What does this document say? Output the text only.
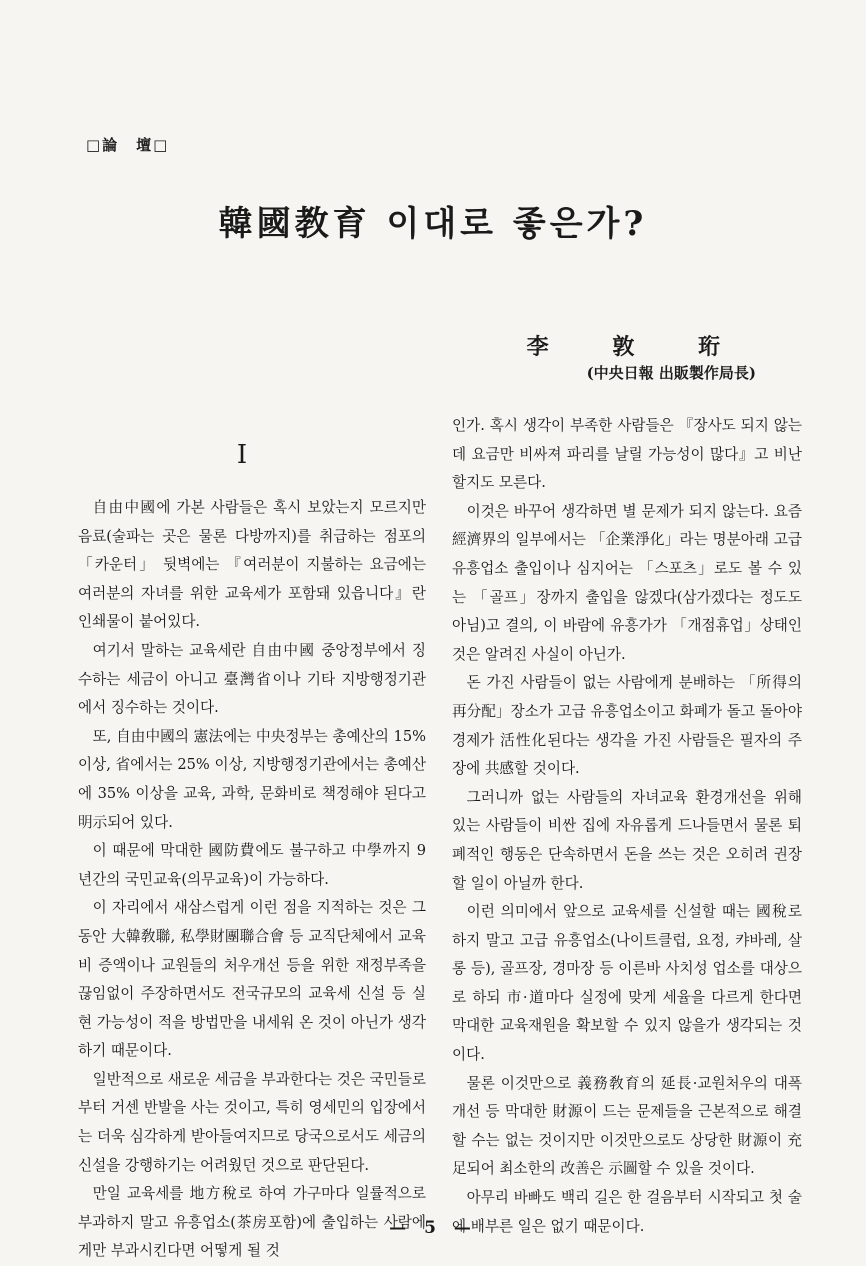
□論　壇□
韓國教育 이대로 좋은가?
李 敦 珩
(中央日報 出販製作局長)
I

自由中國에 가본 사람들은 혹시 보았는지 모르지만 음료(술파는 곳은 물론 다방까지)를 취급하는 점포의 「카운터」 뒷벽에는 『여러분이 지불하는 요금에는 여러분의 자녀를 위한 교육세가 포함돼 있읍니다』란 인쇄물이 붙어있다.

여기서 말하는 교육세란 自由中國 중앙정부에서 징수하는 세금이 아니고 臺灣省이나 기타 지방행정기관에서 징수하는 것이다.

또, 自由中國의 憲法에는 中央정부는 총예산의 15% 이상, 省에서는 25% 이상, 지방행정기관에서는 총예산에 35% 이상을 교육, 과학, 문화비로 책정해야 된다고 明示되어 있다.

이 때문에 막대한 國防費에도 불구하고 中學까지 9년간의 국민교육(의무교육)이 가능하다.

이 자리에서 새삼스럽게 이런 점을 지적하는 것은 그동안 大韓敎聯, 私學財團聯合會 등 교직단체에서 교육비 증액이나 교원들의 처우개선 등을 위한 재정부족을 끊임없이 주장하면서도 전국규모의 교육세 신설 등 실현 가능성이 적을 방법만을 내세워 온 것이 아닌가 생각하기 때문이다.

일반적으로 새로운 세금을 부과한다는 것은 국민들로부터 거센 반발을 사는 것이고, 특히 영세민의 입장에서는 더욱 심각하게 받아들여지므로 당국으로서도 세금의 신설을 강행하기는 어려웠던 것으로 판단된다.

만일 교육세를 地方稅로 하여 가구마다 일률적으로 부과하지 말고 유흥업소(茶房포함)에 출입하는 사람에게만 부과시킨다면 어떻게 될 것

인가. 혹시 생각이 부족한 사람들은 『장사도 되지 않는데 요금만 비싸져 파리를 날릴 가능성이 많다』고 비난할지도 모른다.

이것은 바꾸어 생각하면 별 문제가 되지 않는다. 요즘 經濟界의 일부에서는 「企業淨化」라는 명분아래 고급 유흥업소 출입이나 심지어는 「스포츠」로도 볼 수 있는 「골프」장까지 출입을 않겠다(삼가겠다는 정도도 아님)고 결의, 이 바람에 유흥가가 「개점휴업」상태인 것은 알려진 사실이 아닌가.

돈 가진 사람들이 없는 사람에게 분배하는 「所得의 再分配」장소가 고급 유흥업소이고 화폐가 돌고 돌아야 경제가 活性化된다는 생각을 가진 사람들은 필자의 주장에 共感할 것이다.

그러니까 없는 사람들의 자녀교육 환경개선을 위해 있는 사람들이 비싼 집에 자유롭게 드나들면서 물론 퇴폐적인 행동은 단속하면서 돈을 쓰는 것은 오히려 권장할 일이 아닐까 한다.

이런 의미에서 앞으로 교육세를 신설할 때는 國稅로 하지 말고 고급 유흥업소(나이트클럽, 요정, 캬바레, 살롱 등), 골프장, 경마장 등 이른바 사치성 업소를 대상으로 하되 市·道마다 실정에 맞게 세율을 다르게 한다면 막대한 교육재원을 확보할 수 있지 않을가 생각되는 것이다.

물론 이것만으로 義務敎育의 延長·교원처우의 대폭개선 등 막대한 財源이 드는 문제들을 근본적으로 해결할 수는 없는 것이지만 이것만으로도 상당한 財源이 充足되어 최소한의 改善은 示圖할 수 있을 것이다.

아무리 바빠도 백리 길은 한 걸음부터 시작되고 첫 술에 배부른 일은 없기 때문이다.

— 5 —
